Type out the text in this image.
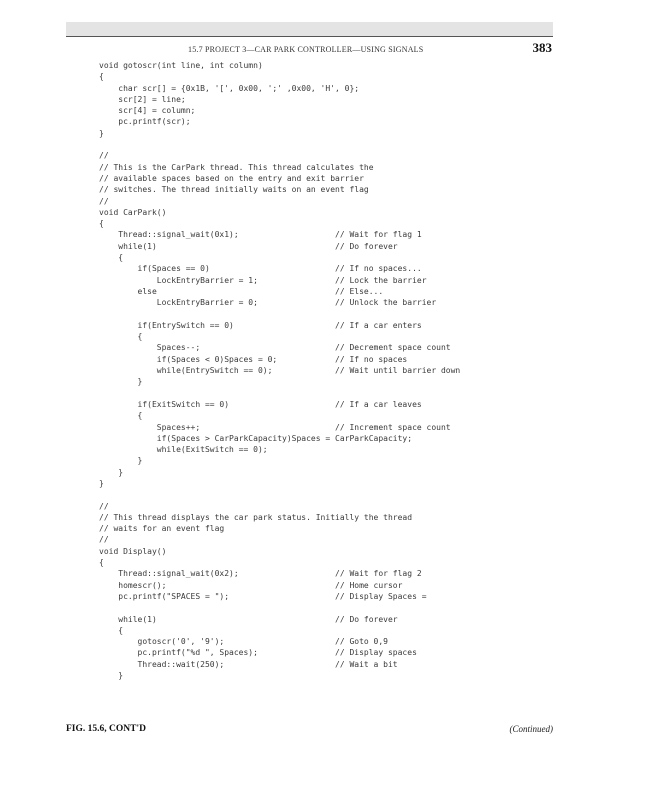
15.7 PROJECT 3—CAR PARK CONTROLLER—USING SIGNALS	383
void gotoscr(int line, int column)
{
char scr[] = {0x1B, '[', 0x00, ';' ,0x00, 'H', 0};
scr[2] = line;
scr[4] = column;
pc.printf(scr);
}
//
// This is the CarPark thread. This thread calculates the
// available spaces based on the entry and exit barrier
// switches. The thread initially waits on an event flag
//
void CarPark()
{
Thread::signal_wait(0x1);                    // Wait for flag 1
while(1)                                     // Do forever
{
if(Spaces == 0)                          // If no spaces...
LockEntryBarrier = 1;                // Lock the barrier
else                                     // Else...
LockEntryBarrier = 0;                // Unlock the barrier
if(EntrySwitch == 0)                     // If a car enters
{
Spaces--;                            // Decrement space count
if(Spaces < 0)Spaces = 0;            // If no spaces
while(EntrySwitch == 0);             // Wait until barrier down
}
if(ExitSwitch == 0)                      // If a car leaves
{
Spaces++;                            // Increment space count
if(Spaces > CarParkCapacity)Spaces = CarParkCapacity;
while(ExitSwitch == 0);
}
}
}
//
// This thread displays the car park status. Initially the thread
// waits for an event flag
//
void Display()
{
Thread::signal_wait(0x2);                    // Wait for flag 2
homescr();                                   // Home cursor
pc.printf("SPACES = ");                      // Display Spaces =
while(1)                                     // Do forever
{
gotoscr('0', '9');                       // Goto 0,9
pc.printf("%d ", Spaces);                // Display spaces
Thread::wait(250);                       // Wait a bit
}
FIG. 15.6, CONT'D	(Continued)
